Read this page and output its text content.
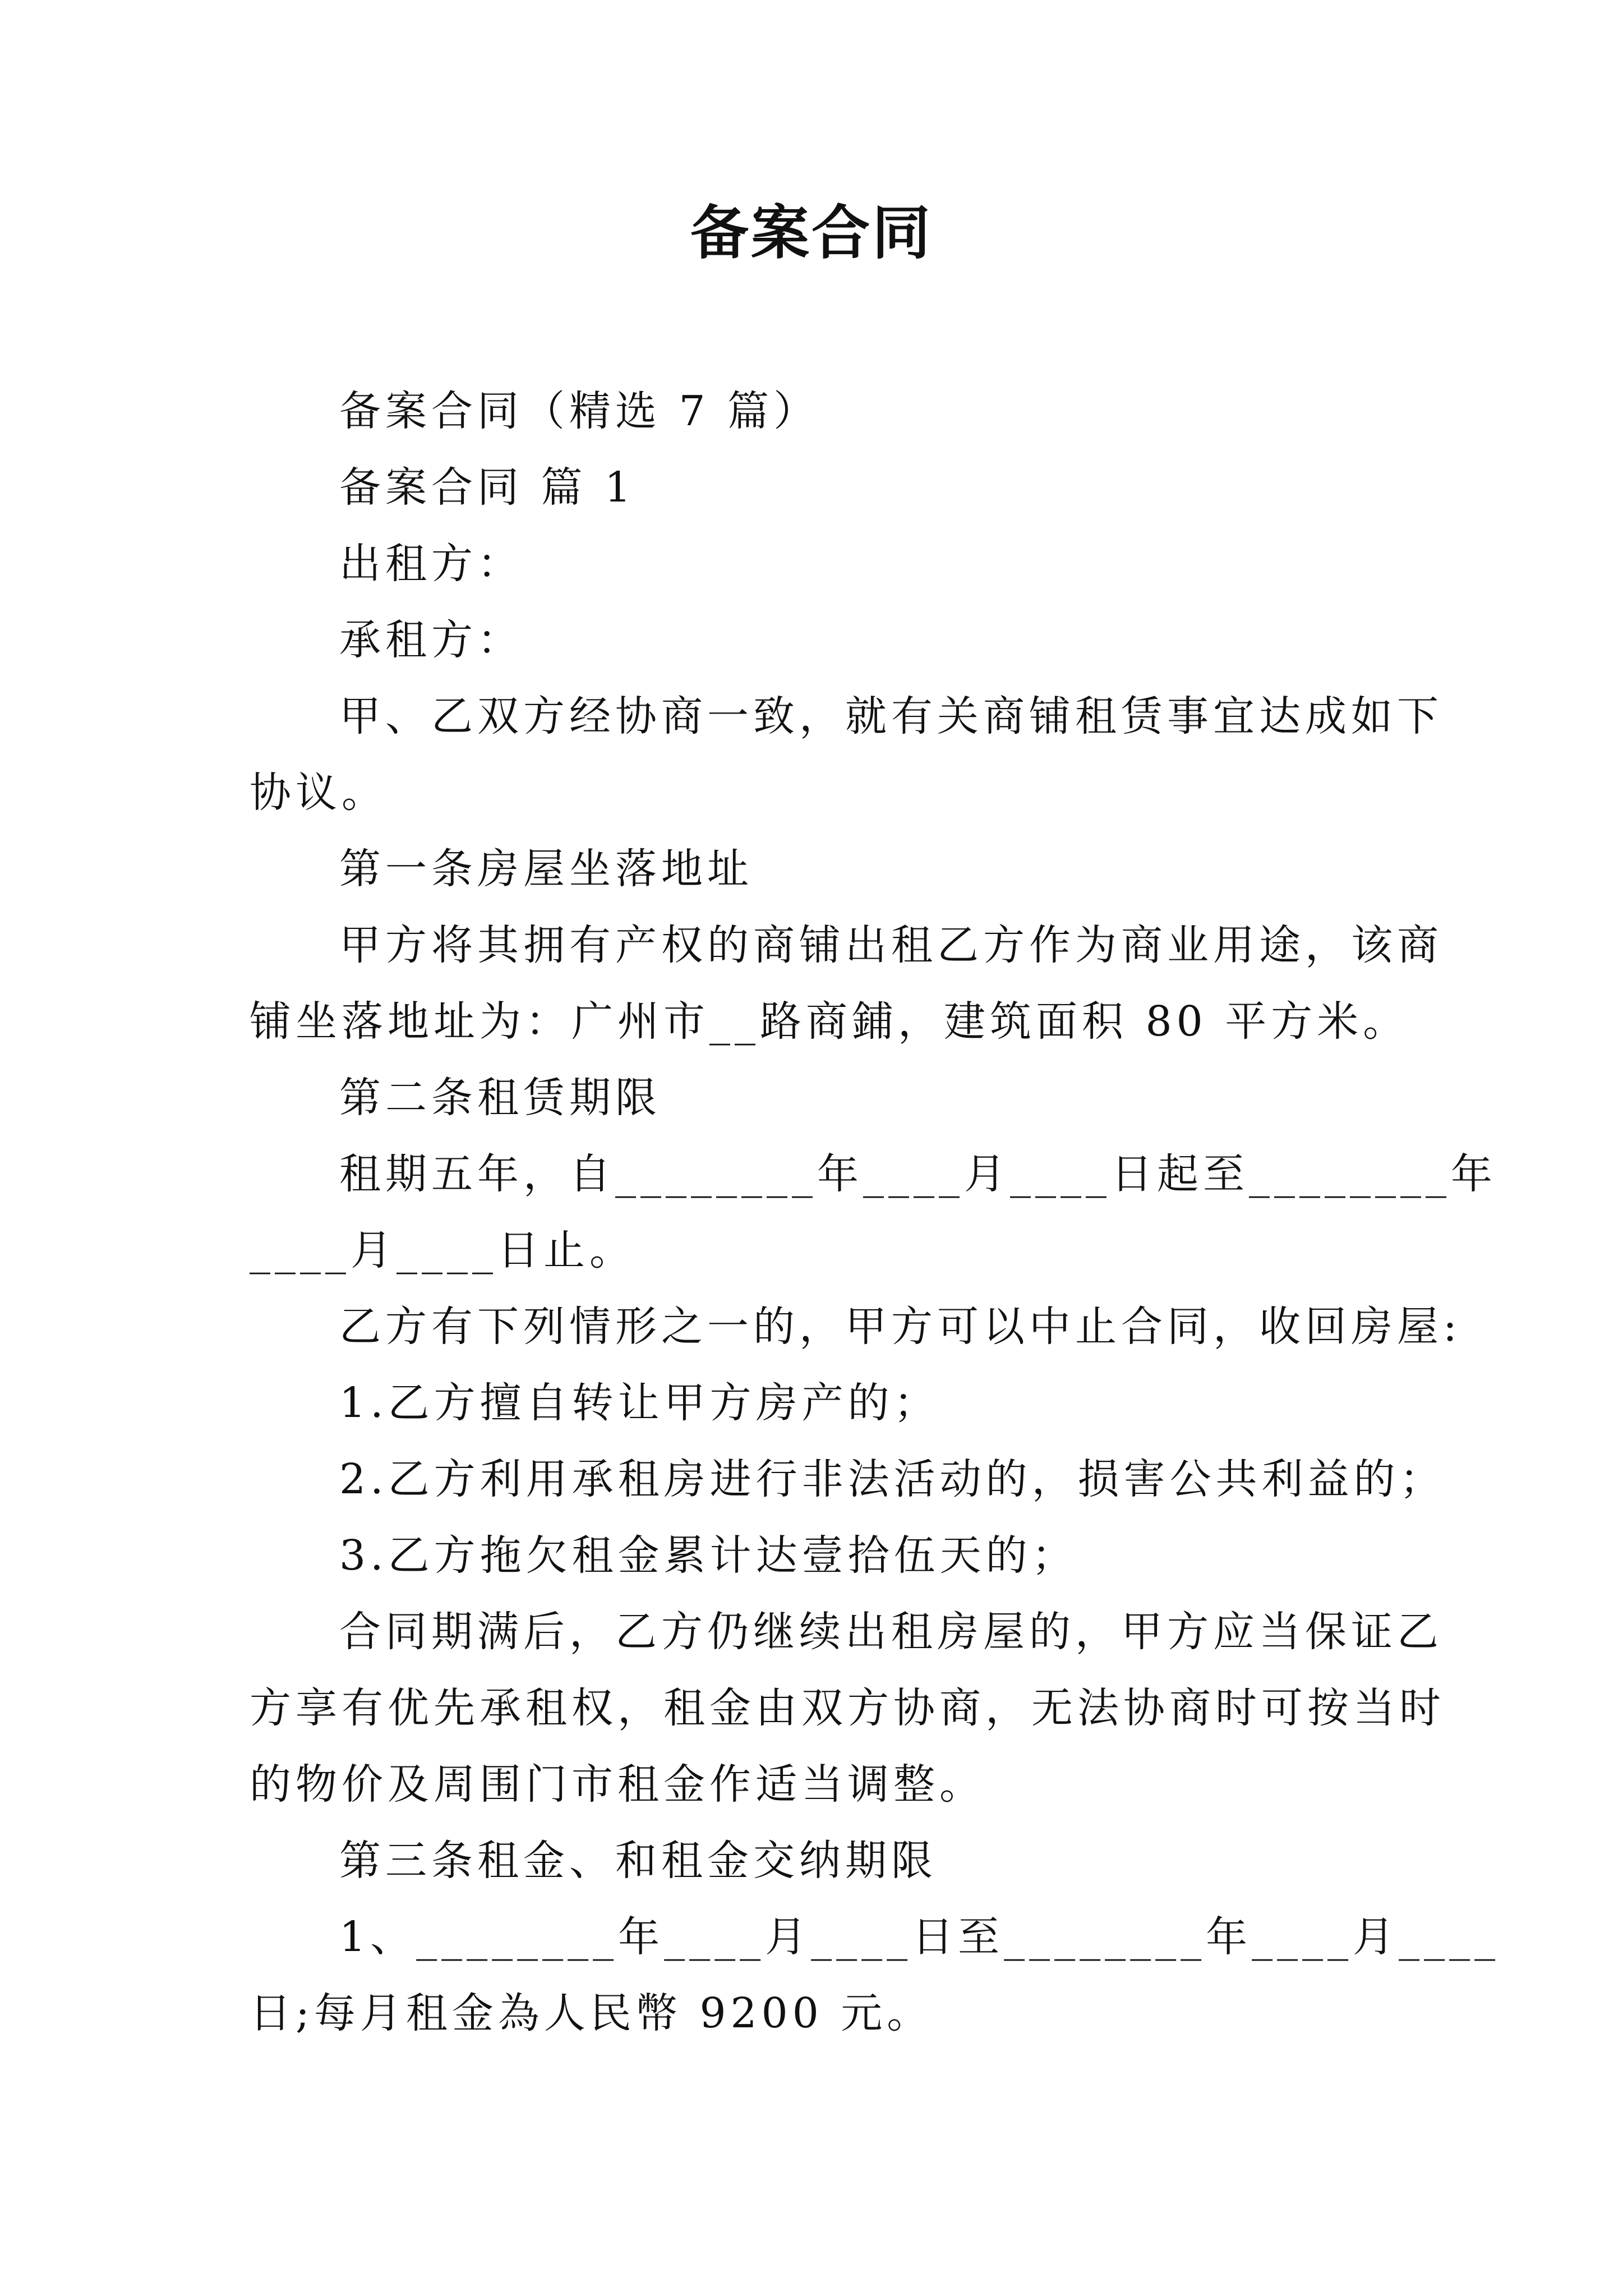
备案合同

备案合同（精选 7 篇）

备案合同 篇 1

出租方：

承租方：

甲、乙双方经协商一致，就有关商铺租赁事宜达成如下
协议。

第一条房屋坐落地址

甲方将其拥有产权的商铺出租乙方作为商业用途，该商
铺坐落地址为：广州市__路商鋪，建筑面积 80 平方米。

第二条租赁期限

租期五年，自________年____月____日起至________年
____月____日止。

乙方有下列情形之一的，甲方可以中止合同，收回房屋:

1.乙方擅自转让甲方房产的；

2.乙方利用承租房进行非法活动的，损害公共利益的；

3.乙方拖欠租金累计达壹拾伍天的；

合同期满后，乙方仍继续出租房屋的，甲方应当保证乙
方享有优先承租权，租金由双方协商，无法协商时可按当时
的物价及周围门市租金作适当调整。

第三条租金、和租金交纳期限

1、________年____月____日至________年____月____
日;每月租金為人民幣 9200 元。
